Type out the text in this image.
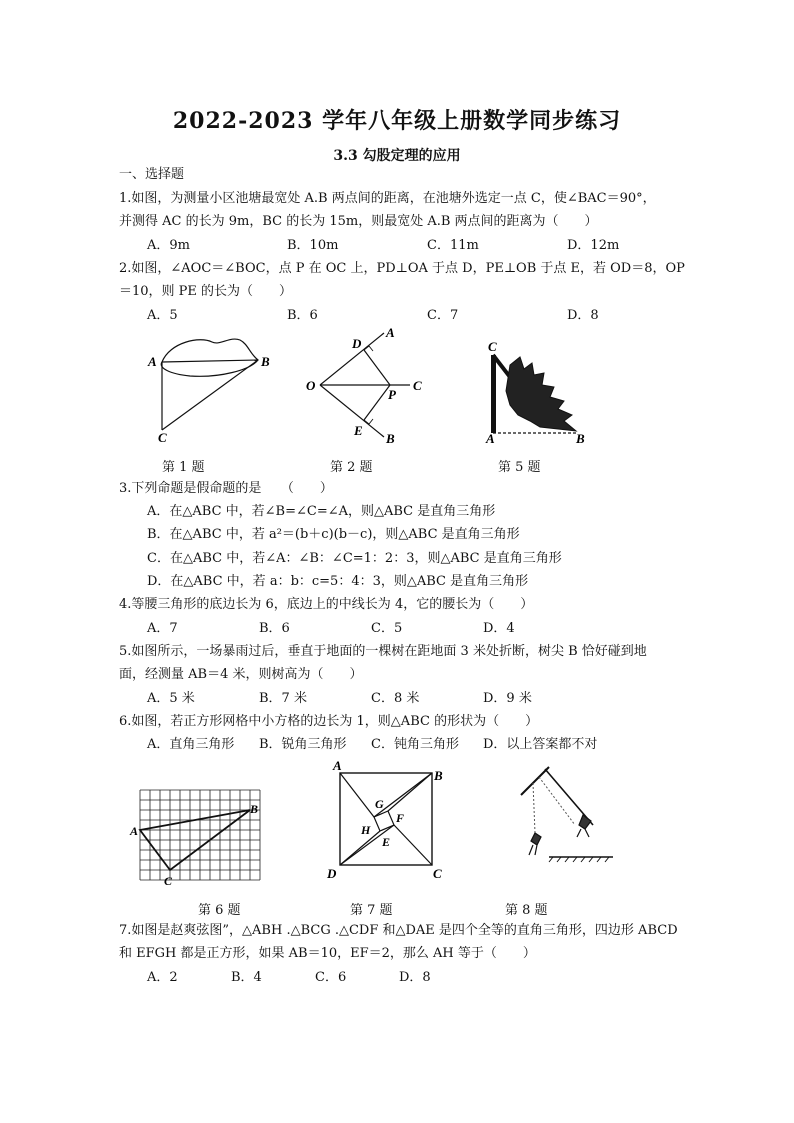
2022-2023 学年八年级上册数学同步练习
3.3 勾股定理的应用
一、选择题
1.如图，为测量小区池塘最宽处 A.B 两点间的距离，在池塘外选定一点 C，使∠BAC＝90°，
并测得 AC 的长为 9m，BC 的长为 15m，则最宽处 A.B 两点间的距离为（　　）
A．9m	B．10m	C．11m	D．12m
2.如图，∠AOC＝∠BOC，点 P 在 OC 上，PD⊥OA 于点 D，PE⊥OB 于点 E，若 OD＝8，OP
＝10，则 PE 的长为（　　）
A．5	B．6	C．7	D．8
A	B
C
第 1 题
O
D
A
P
C
E
B
第 2 题
C
A	B
第 5 题
3.下列命题是假命题的是　　（　　）
A．在△ABC 中，若∠B=∠C=∠A，则△ABC 是直角三角形
B．在△ABC 中，若 a²＝(b＋c)(b－c)，则△ABC 是直角三角形
C．在△ABC 中，若∠A：∠B：∠C=1：2：3，则△ABC 是直角三角形
D．在△ABC 中，若 a：b：c=5：4：3，则△ABC 是直角三角形
4.等腰三角形的底边长为 6，底边上的中线长为 4，它的腰长为（　　）
A．7	B．6	C．5	D．4
5.如图所示，一场暴雨过后，垂直于地面的一棵树在距地面 3 米处折断，树尖 B 恰好碰到地
面，经测量 AB＝4 米，则树高为（　　）
A．5 米	B．7 米	C．8 米	D．9 米
6.如图，若正方形网格中小方格的边长为 1，则△ABC 的形状为（　　）
A．直角三角形 B．锐角三角形 C．钝角三角形 D．以上答案都不对
A
B
C
第 6 题
A
B
C
D
G
F
H
E
第 7 题	第 8 题
7.如图是赵爽弦图”，△ABH .△BCG .△CDF 和△DAE 是四个全等的直角三角形，四边形 ABCD
和 EFGH 都是正方形，如果 AB＝10，EF＝2，那么 AH 等于（　　）
A．2	B．4	C．6	D．8
